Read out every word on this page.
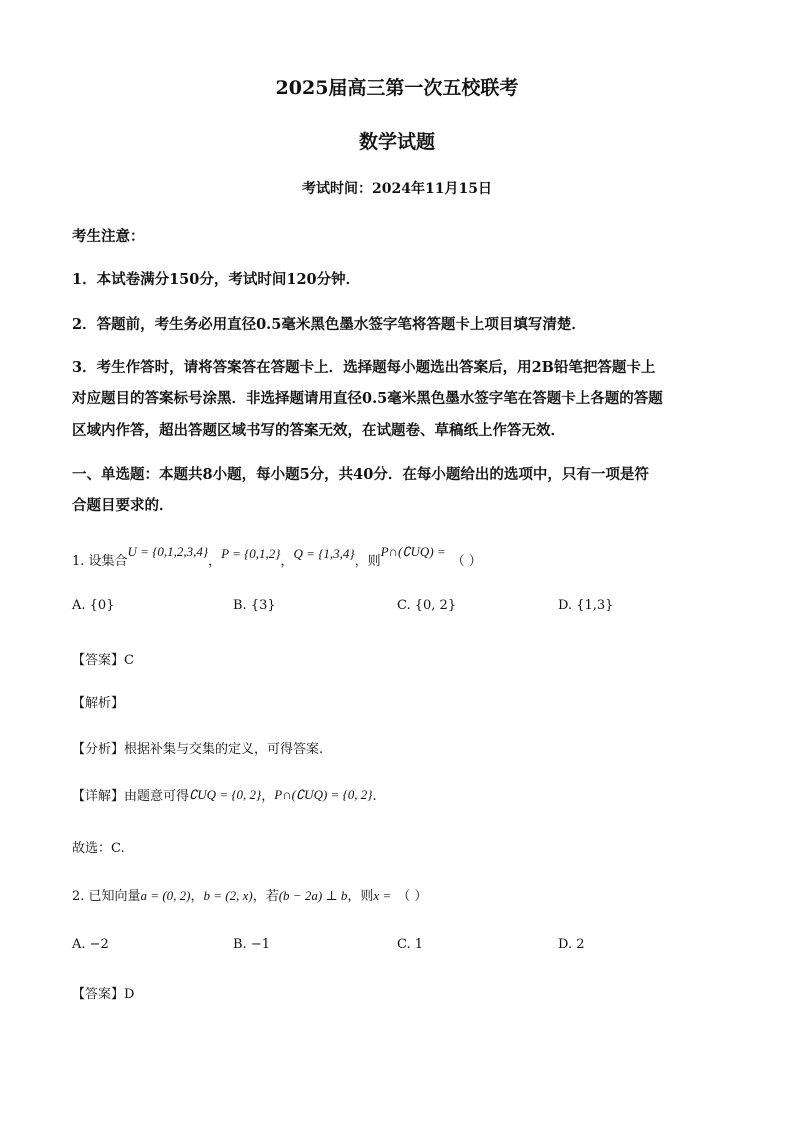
2025届高三第一次五校联考
数学试题
考试时间：2024年11月15日
考生注意：
1．本试卷满分150分，考试时间120分钟．
2．答题前，考生务必用直径0.5毫米黑色墨水签字笔将答题卡上项目填写清楚．
3．考生作答时，请将答案答在答题卡上．选择题每小题选出答案后，用2B铅笔把答题卡上
对应题目的答案标号涂黑．非选择题请用直径0.5毫米黑色墨水签字笔在答题卡上各题的答题
区域内作答，超出答题区域书写的答案无效，在试题卷、草稿纸上作答无效．
一、单选题：本题共8小题，每小题5分，共40分．在每小题给出的选项中，只有一项是符
合题目要求的．
1. 设集合U = {0,1,2,3,4}，P = {0,1,2}，Q = {1,3,4}，则P∩(∁UQ) =（ ）
A. {0}	B. {3}	C. {0, 2}	D. {1,3}
【答案】C
【解析】
【分析】根据补集与交集的定义，可得答案.
【详解】由题意可得∁UQ = {0, 2}，P∩(∁UQ) = {0, 2}.
故选：C.
2. 已知向量a = (0, 2)，b = (2, x)，若(b − 2a) ⊥ b，则x = （ ）
A. −2	B. −1	C. 1	D. 2
【答案】D
